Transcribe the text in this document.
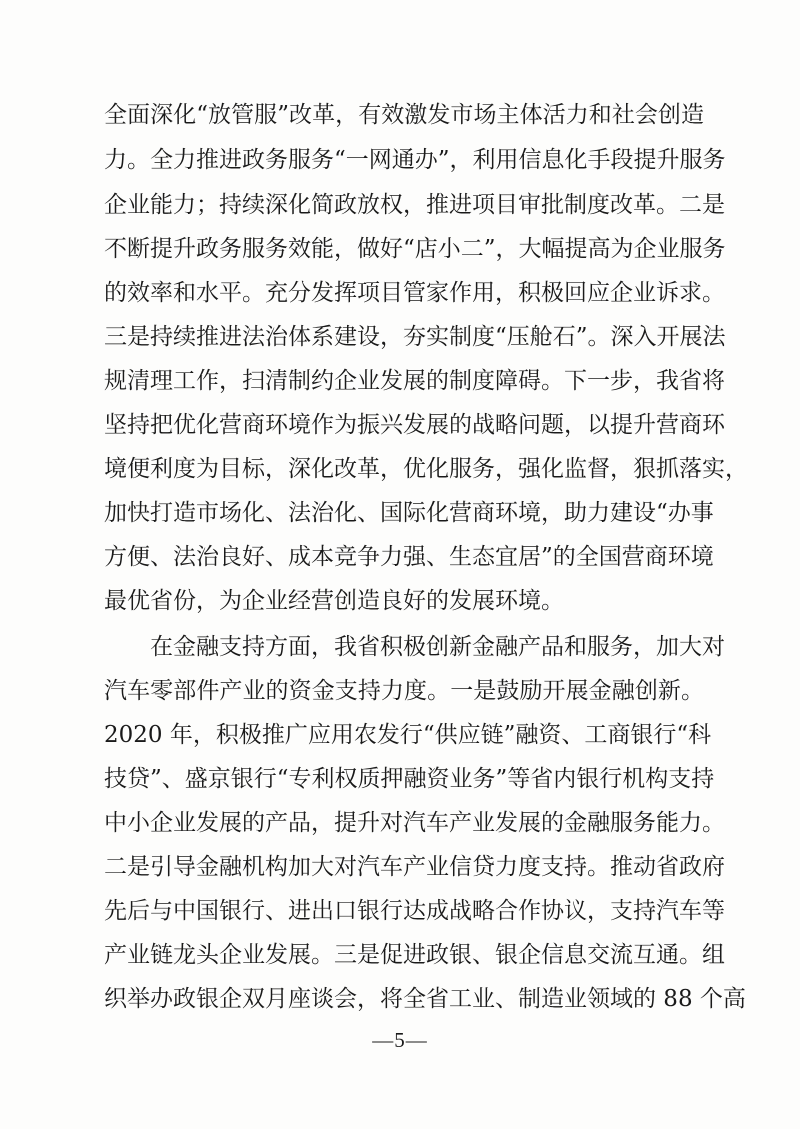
全面深化“放管服”改革，有效激发市场主体活力和社会创造
力。全力推进政务服务“一网通办”，利用信息化手段提升服务
企业能力；持续深化简政放权，推进项目审批制度改革。二是
不断提升政务服务效能，做好“店小二”，大幅提高为企业服务
的效率和水平。充分发挥项目管家作用，积极回应企业诉求。
三是持续推进法治体系建设，夯实制度“压舱石”。深入开展法
规清理工作，扫清制约企业发展的制度障碍。下一步，我省将
坚持把优化营商环境作为振兴发展的战略问题，以提升营商环
境便利度为目标，深化改革，优化服务，强化监督，狠抓落实，
加快打造市场化、法治化、国际化营商环境，助力建设“办事
方便、法治良好、成本竞争力强、生态宜居”的全国营商环境
最优省份，为企业经营创造良好的发展环境。
在金融支持方面，我省积极创新金融产品和服务，加大对
汽车零部件产业的资金支持力度。一是鼓励开展金融创新。
2020 年，积极推广应用农发行“供应链”融资、工商银行“科
技贷”、盛京银行“专利权质押融资业务”等省内银行机构支持
中小企业发展的产品，提升对汽车产业发展的金融服务能力。
二是引导金融机构加大对汽车产业信贷力度支持。推动省政府
先后与中国银行、进出口银行达成战略合作协议，支持汽车等
产业链龙头企业发展。三是促进政银、银企信息交流互通。组
织举办政银企双月座谈会，将全省工业、制造业领域的 88 个高
—5—
